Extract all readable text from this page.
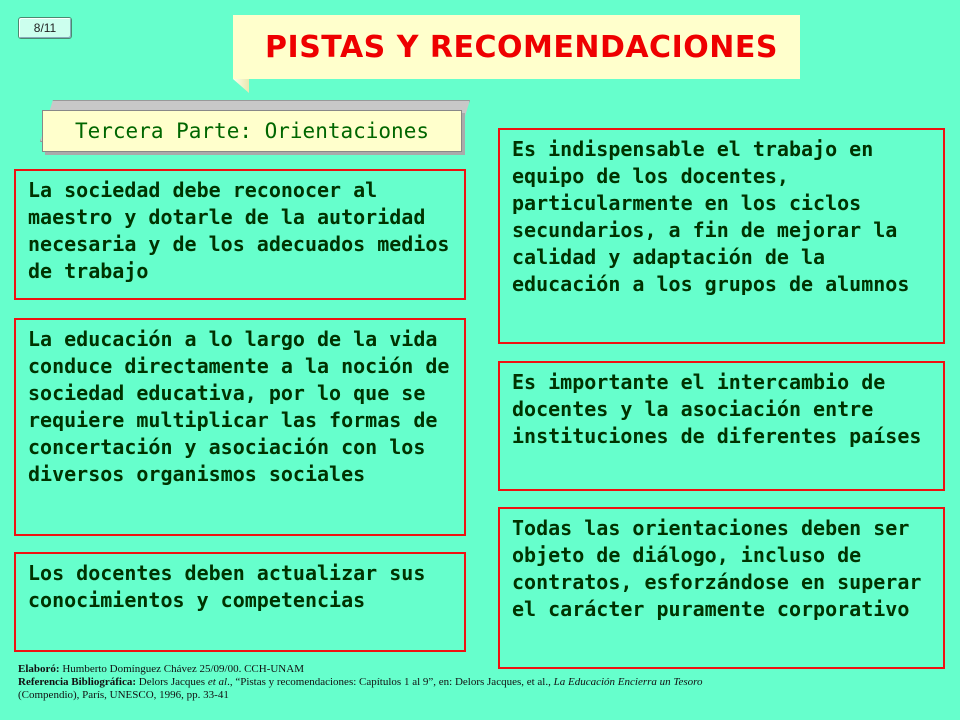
8/11
PISTAS Y RECOMENDACIONES
Tercera Parte: Orientaciones
La sociedad debe reconocer al maestro y dotarle de la autoridad necesaria y de los adecuados medios de trabajo
La educación a lo largo de la vida conduce directamente a la noción de sociedad educativa, por lo que se requiere multiplicar las formas de concertación y asociación con los diversos organismos sociales
Los docentes deben actualizar sus conocimientos y competencias
Es indispensable el trabajo en equipo de los docentes, particularmente en los ciclos secundarios, a fin de mejorar la calidad y adaptación de la educación a los grupos de alumnos
Es importante el intercambio de docentes y la asociación entre instituciones de diferentes países
Todas las orientaciones deben ser objeto de diálogo, incluso de contratos, esforzándose en superar el carácter puramente corporativo
Elaboró: Humberto Domínguez Chávez 25/09/00. CCH-UNAM
Referencia Bibliográfica: Delors Jacques et al., “Pistas y recomendaciones: Capítulos 1 al 9”, en: Delors Jacques, et al., La Educación Encierra un Tesoro
(Compendio), París, UNESCO, 1996, pp. 33-41
